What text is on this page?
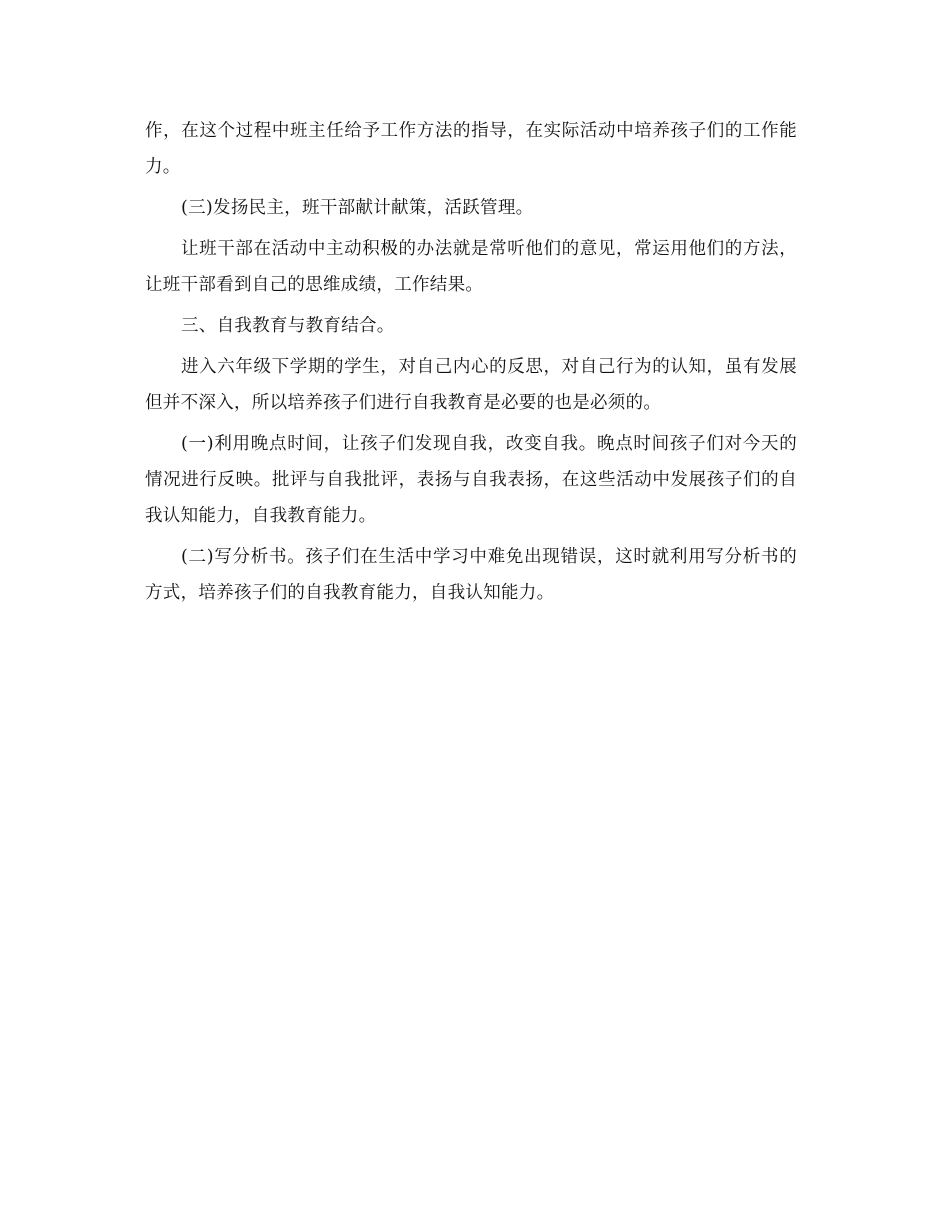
作，在这个过程中班主任给予工作方法的指导，在实际活动中培养孩子们的工作能力。

(三)发扬民主，班干部献计献策，活跃管理。

让班干部在活动中主动积极的办法就是常听他们的意见，常运用他们的方法，让班干部看到自己的思维成绩，工作结果。

三、自我教育与教育结合。

进入六年级下学期的学生，对自己内心的反思，对自己行为的认知，虽有发展但并不深入，所以培养孩子们进行自我教育是必要的也是必须的。

(一)利用晚点时间，让孩子们发现自我，改变自我。晚点时间孩子们对今天的情况进行反映。批评与自我批评，表扬与自我表扬，在这些活动中发展孩子们的自我认知能力，自我教育能力。

(二)写分析书。孩子们在生活中学习中难免出现错误，这时就利用写分析书的方式，培养孩子们的自我教育能力，自我认知能力。
